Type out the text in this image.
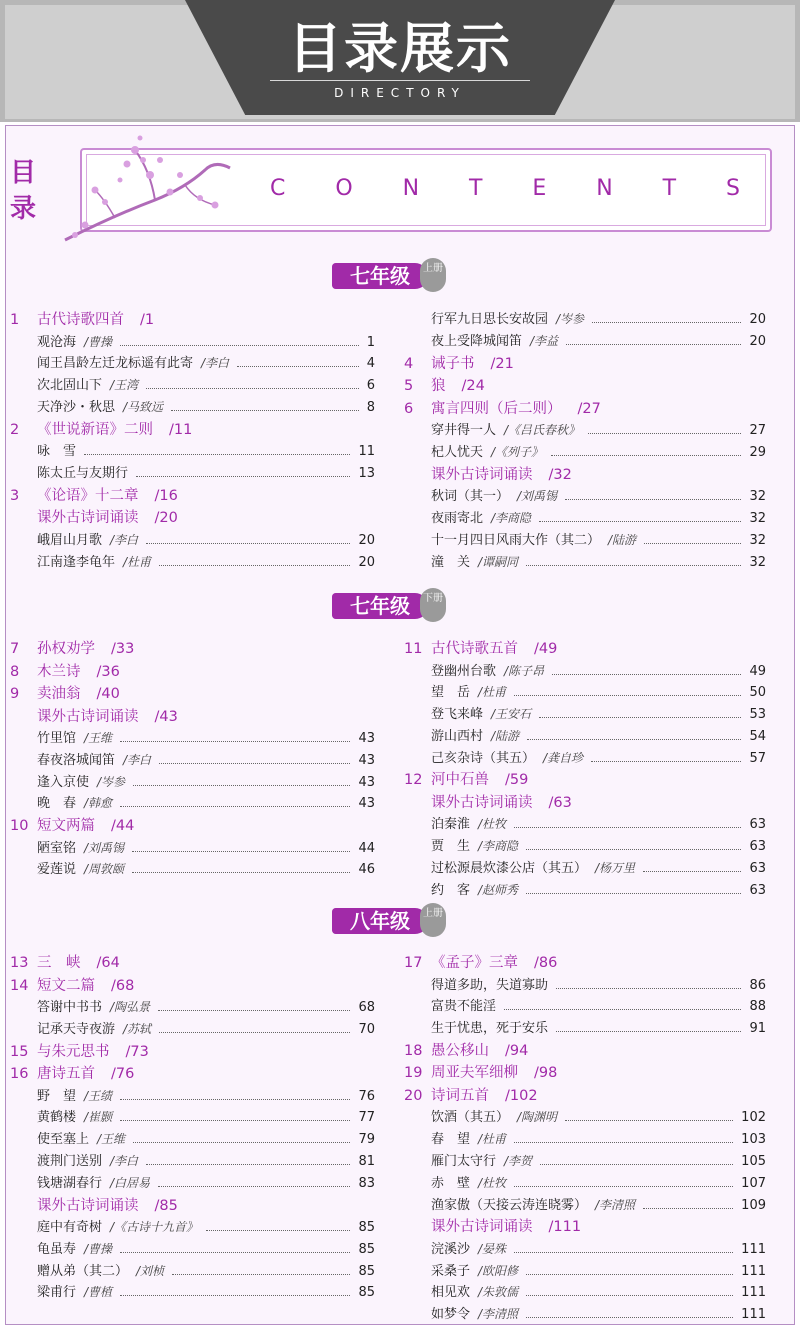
目录展示
DIRECTORY
目录
C O N T E N T S
七年级	上册
1	古代诗歌四首 /1
观沧海 /曹操	1
闻王昌龄左迁龙标遥有此寄 /李白	4
次北固山下 /王湾	6
天净沙・秋思 /马致远	8
2	《世说新语》二则 /11
咏　雪	11
陈太丘与友期行	13
3	《论语》十二章 /16
课外古诗词诵读 /20
峨眉山月歌 /李白	20
江南逢李龟年 /杜甫	20
行军九日思长安故园 /岑参	20
夜上受降城闻笛 /李益	20
4	诫子书 /21
5	狼 /24
6	寓言四则（后二则） /27
穿井得一人 /《吕氏春秋》	27
杞人忧天 /《列子》	29
课外古诗词诵读 /32
秋词（其一） /刘禹锡	32
夜雨寄北 /李商隐	32
十一月四日风雨大作（其二） /陆游	32
潼　关 /谭嗣同	32
七年级	下册
7	孙权劝学 /33
8	木兰诗 /36
9	卖油翁 /40
课外古诗词诵读 /43
竹里馆 /王维	43
春夜洛城闻笛 /李白	43
逢入京使 /岑参	43
晚　春 /韩愈	43
10 短文两篇 /44
陋室铭 /刘禹锡	44
爱莲说 /周敦颐	46
11 古代诗歌五首 /49
登幽州台歌 /陈子昂	49
望　岳 /杜甫	50
登飞来峰 /王安石	53
游山西村 /陆游	54
己亥杂诗（其五） /龚自珍	57
12 河中石兽 /59
课外古诗词诵读 /63
泊秦淮 /杜牧	63
贾　生 /李商隐	63
过松源晨炊漆公店（其五） /杨万里	63
约　客 /赵师秀	63
八年级	上册
13 三　峡 /64
14 短文二篇 /68
答谢中书书 /陶弘景	68
记承天寺夜游 /苏轼	70
15 与朱元思书 /73
16 唐诗五首 /76
野　望 /王绩	76
黄鹤楼 /崔颢	77
使至塞上 /王维	79
渡荆门送别 /李白	81
钱塘湖春行 /白居易	83
课外古诗词诵读 /85
庭中有奇树 /《古诗十九首》	85
龟虽寿 /曹操	85
赠从弟（其二） /刘桢	85
梁甫行 /曹植	85
17 《孟子》三章 /86
得道多助，失道寡助	86
富贵不能淫	88
生于忧患，死于安乐	91
18 愚公移山 /94
19 周亚夫军细柳 /98
20 诗词五首 /102
饮酒（其五） /陶渊明	102
春　望 /杜甫	103
雁门太守行 /李贺	105
赤　壁 /杜牧	107
渔家傲（天接云涛连晓雾） /李清照	109
课外古诗词诵读 /111
浣溪沙 /晏殊	111
采桑子 /欧阳修	111
相见欢 /朱敦儒	111
如梦令 /李清照	111
